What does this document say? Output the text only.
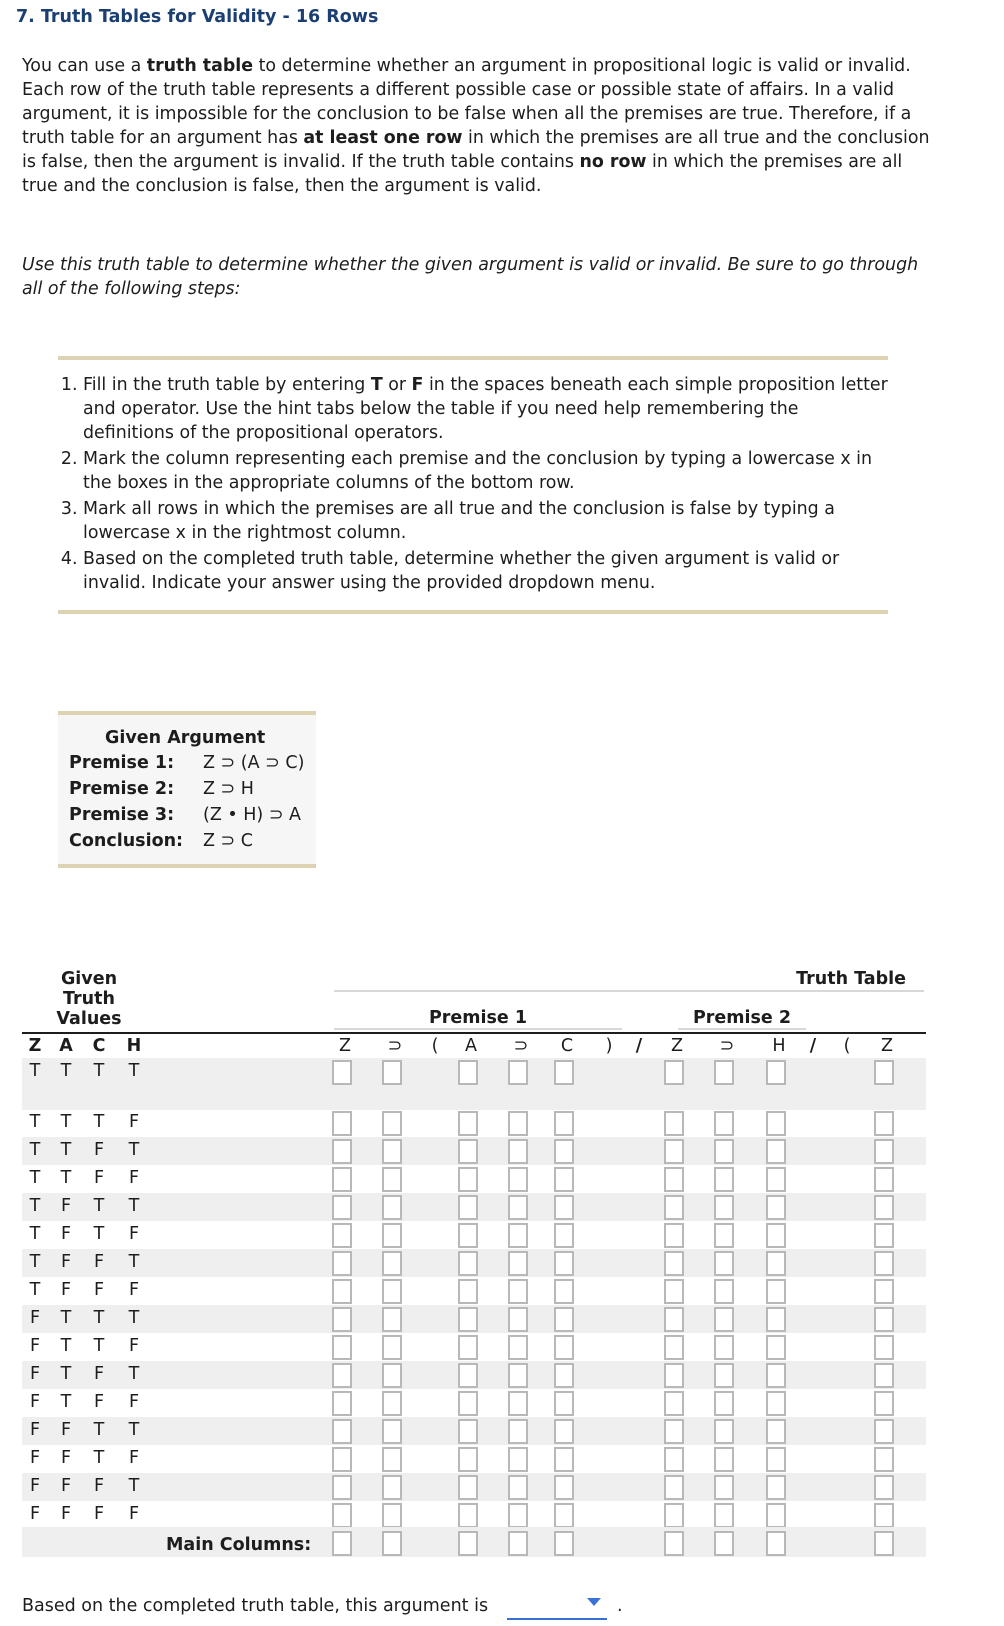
7. Truth Tables for Validity - 16 Rows
You can use a truth table to determine whether an argument in propositional logic is valid or invalid. Each row of the truth table represents a different possible case or possible state of affairs. In a valid argument, it is impossible for the conclusion to be false when all the premises are true. Therefore, if a truth table for an argument has at least one row in which the premises are all true and the conclusion is false, then the argument is invalid. If the truth table contains no row in which the premises are all true and the conclusion is false, then the argument is valid.
Use this truth table to determine whether the given argument is valid or invalid. Be sure to go through all of the following steps:
1. Fill in the truth table by entering T or F in the spaces beneath each simple proposition letter and operator. Use the hint tabs below the table if you need help remembering the definitions of the propositional operators.
2. Mark the column representing each premise and the conclusion by typing a lowercase x in the boxes in the appropriate columns of the bottom row.
3. Mark all rows in which the premises are all true and the conclusion is false by typing a lowercase x in the rightmost column.
4. Based on the completed truth table, determine whether the given argument is valid or invalid. Indicate your answer using the provided dropdown menu.
Given Argument
Premise 1: Z ⊃ (A ⊃ C)
Premise 2: Z ⊃ H
Premise 3: (Z • H) ⊃ A
Conclusion: Z ⊃ C
Given Truth Values
Truth Table
Premise 1	Premise 2
Z	A	C	H	Z	⊃	(	A	⊃	C	)	/	Z	⊃	H	/	(	Z
T T T T
T T T F
T T F T
T T F F
T F T T
T F T F
T F F T
T F F F
F T T T
F T T F
F T F T
F T F F
F F T T
F F T F
F F F T
F F F F
Main Columns:
Based on the completed truth table, this argument is	.
